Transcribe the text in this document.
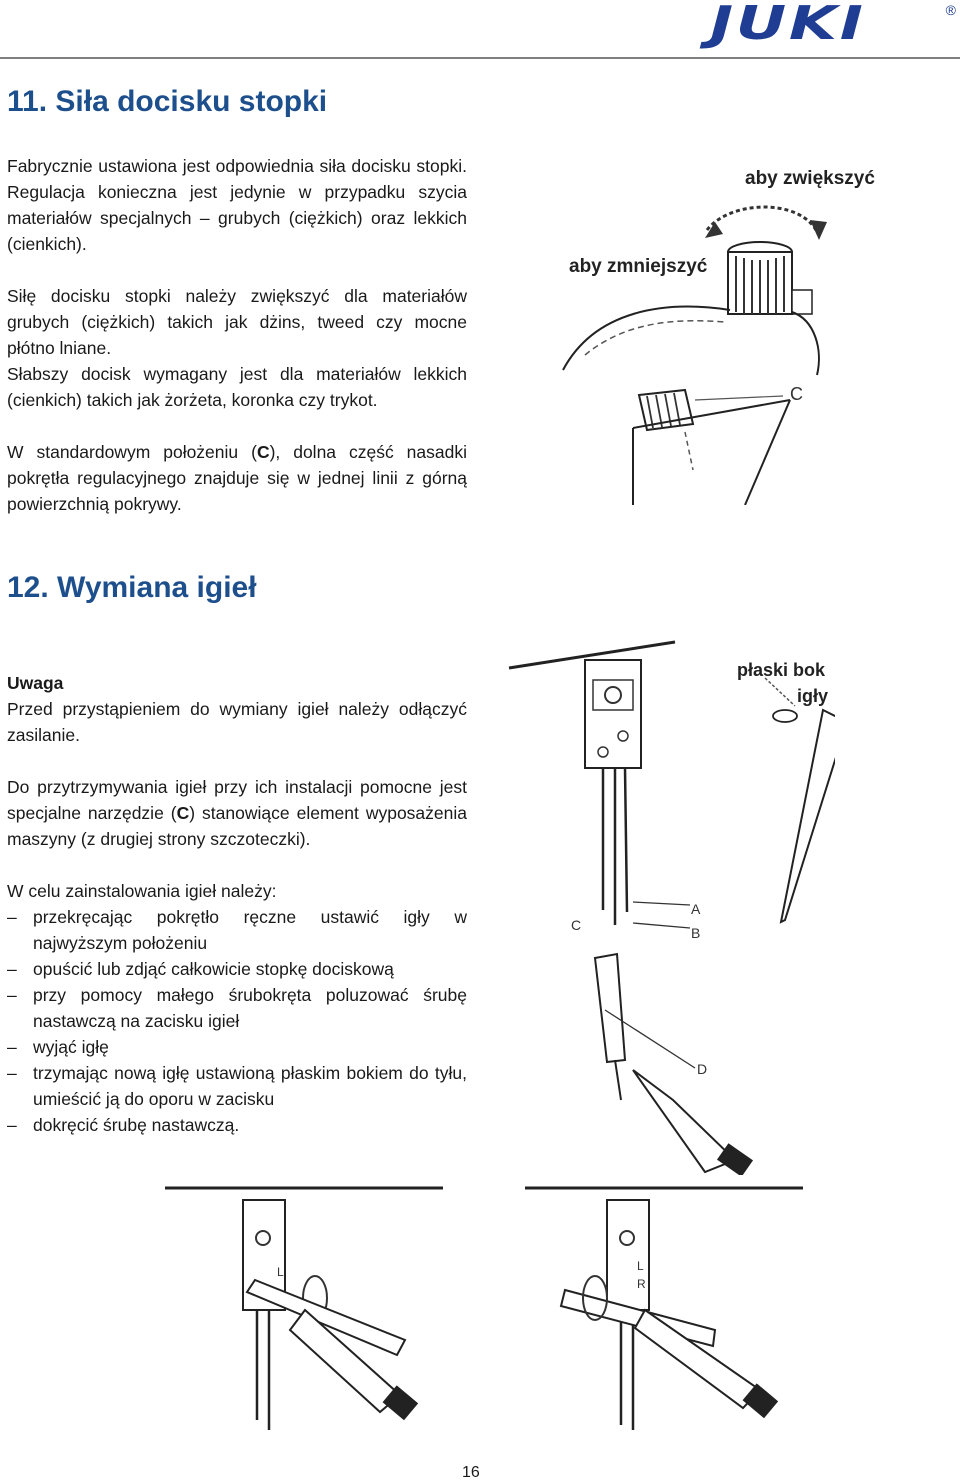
JUKI	®
11. Siła docisku stopki

Fabrycznie ustawiona jest odpowiednia siła docisku stopki. Regulacja konieczna jest jedynie w przypadku szycia materiałów specjalnych – grubych (ciężkich) oraz lekkich (cienkich).

Siłę docisku stopki należy zwiększyć dla materiałów grubych (ciężkich) takich jak dżins, tweed czy mocne płótno lniane.

Słabszy docisk wymagany jest dla materiałów lekkich (cienkich) takich jak żorżeta, koronka czy trykot.

W standardowym położeniu (C), dolna część nasadki pokrętła regulacyjnego znajduje się w jednej linii z górną powierzchnią pokrywy.

aby zwiększyć
aby zmniejszyć
C
12. Wymiana igieł

Uwaga

Przed przystąpieniem do wymiany igieł należy odłączyć zasilanie.

Do przytrzymywania igieł przy ich instalacji pomocne jest specjalne narzędzie (C) stanowiące element wyposażenia maszyny (z drugiej strony szczoteczki).

W celu zainstalowania igieł należy:

– przekręcając pokrętło ręczne ustawić igły w najwyższym położeniu
– opuścić lub zdjąć całkowicie stopkę dociskową
– przy pomocy małego śrubokręta poluzować śrubę nastawczą na zacisku igieł
– wyjąć igłę
– trzymając nową igłę ustawioną płaskim bokiem do tyłu, umieścić ją do oporu w zacisku
– dokręcić śrubę nastawczą.
A
B
C
płaski bok
igły
D
L	L
R
16
